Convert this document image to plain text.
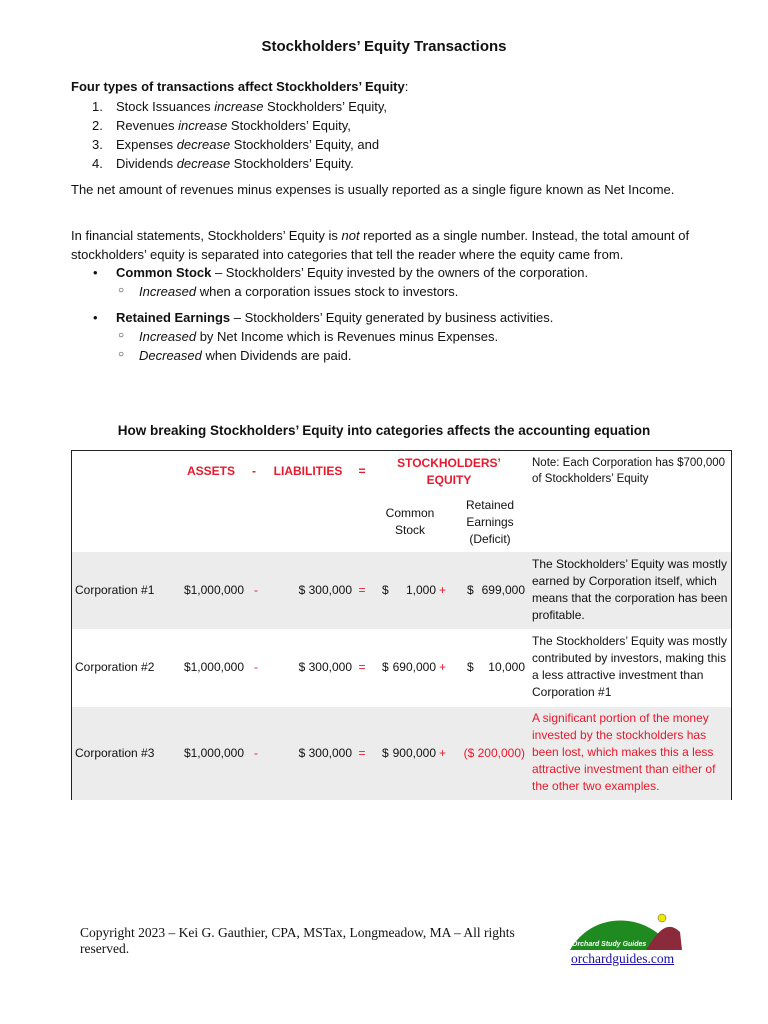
Stockholders’ Equity Transactions
Four types of transactions affect Stockholders’ Equity:
1. Stock Issuances increase Stockholders’ Equity,
2. Revenues increase Stockholders’ Equity,
3. Expenses decrease Stockholders’ Equity, and
4. Dividends decrease Stockholders’ Equity.
The net amount of revenues minus expenses is usually reported as a single figure known as Net Income.
In financial statements, Stockholders’ Equity is not reported as a single number. Instead, the total amount of stockholders’ equity is separated into categories that tell the reader where the equity came from.
• Common Stock – Stockholders’ Equity invested by the owners of the corporation.
○ Increased when a corporation issues stock to investors.
• Retained Earnings – Stockholders’ Equity generated by business activities.
○ Increased by Net Income which is Revenues minus Expenses.
○ Decreased when Dividends are paid.
How breaking Stockholders’ Equity into categories affects the accounting equation
ASSETS	-	LIABILITIES	=
STOCKHOLDERS’ EQUITY
Note: Each Corporation has $700,000 of Stockholders’ Equity
Common Stock
Retained Earnings (Deficit)
Corporation #1	$1,000,000 -	$ 300,000 =	$	1,000 + $ 699,000
The Stockholders’ Equity was mostly earned by Corporation itself, which means that the corporation has been profitable.
Corporation #2	$1,000,000 -	$ 300,000 =	$ 690,000 + $	10,000
The Stockholders’ Equity was mostly contributed by investors, making this a less attractive investment than Corporation #1
Corporation #3	$1,000,000 -	$ 300,000 =	$ 900,000 +	($ 200,000)
A significant portion of the money invested by the stockholders has been lost, which makes this a less attractive investment than either of the other two examples.
Copyright 2023 – Kei G. Gauthier, CPA, MSTax, Longmeadow, MA – All rights reserved.	Orchard Study Guides
orchardguides.com
